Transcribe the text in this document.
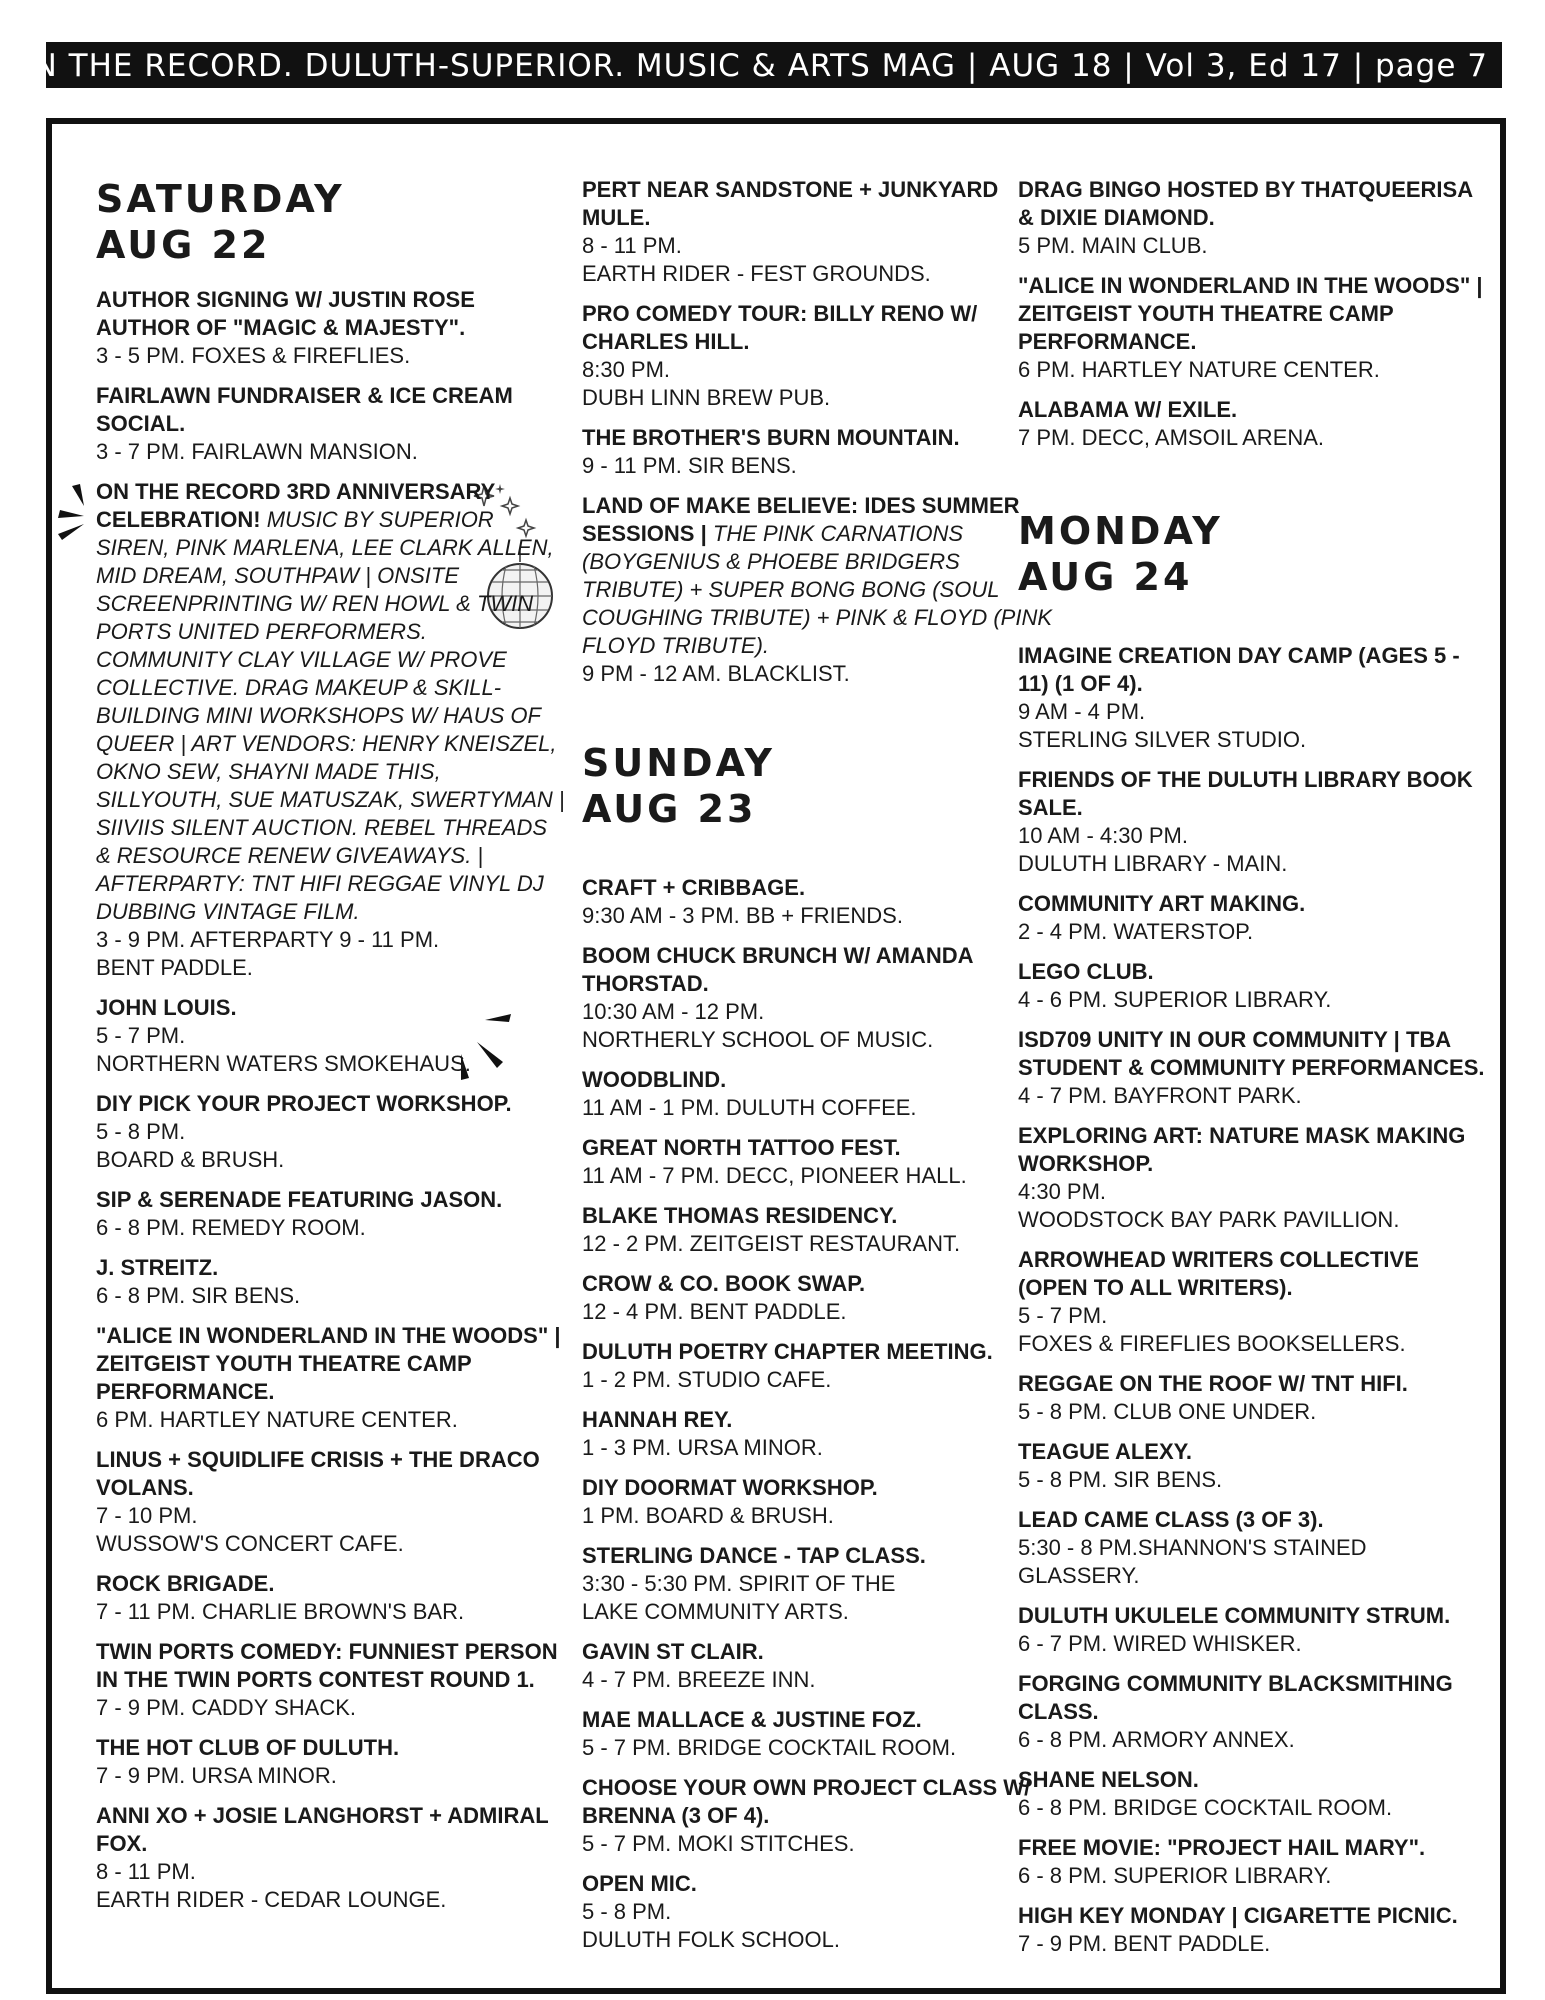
ON THE RECORD. DULUTH-SUPERIOR. MUSIC & ARTS MAG | AUG 18 | Vol 3, Ed 17 | page 7
SATURDAY
AUG 22
AUTHOR SIGNING W/ JUSTIN ROSE AUTHOR OF "MAGIC & MAJESTY".
3 - 5 PM. FOXES & FIREFLIES.
FAIRLAWN FUNDRAISER & ICE CREAM SOCIAL.
3 - 7 PM. FAIRLAWN MANSION.
ON THE RECORD 3RD ANNIVERSARY CELEBRATION! MUSIC BY SUPERIOR SIREN, PINK MARLENA, LEE CLARK ALLEN, MID DREAM, SOUTHPAW | ONSITE SCREENPRINTING W/ REN HOWL & TWIN PORTS UNITED PERFORMERS. COMMUNITY CLAY VILLAGE W/ PROVE COLLECTIVE. DRAG MAKEUP & SKILL-BUILDING MINI WORKSHOPS W/ HAUS OF QUEER | ART VENDORS: HENRY KNEISZEL, OKNO SEW, SHAYNI MADE THIS, SILLYOUTH, SUE MATUSZAK, SWERTYMAN | SIIVIIS SILENT AUCTION. REBEL THREADS & RESOURCE RENEW GIVEAWAYS. | AFTERPARTY: TNT HIFI REGGAE VINYL DJ DUBBING VINTAGE FILM.
3 - 9 PM. AFTERPARTY 9 - 11 PM.
BENT PADDLE.
JOHN LOUIS.
5 - 7 PM.
NORTHERN WATERS SMOKEHAUS.
DIY PICK YOUR PROJECT WORKSHOP.
5 - 8 PM.
BOARD & BRUSH.
SIP & SERENADE FEATURING JASON.
6 - 8 PM. REMEDY ROOM.
J. STREITZ.
6 - 8 PM. SIR BENS.
"ALICE IN WONDERLAND IN THE WOODS" | ZEITGEIST YOUTH THEATRE CAMP PERFORMANCE.
6 PM. HARTLEY NATURE CENTER.
LINUS + SQUIDLIFE CRISIS + THE DRACO VOLANS.
7 - 10 PM.
WUSSOW'S CONCERT CAFE.
ROCK BRIGADE.
7 - 11 PM. CHARLIE BROWN'S BAR.
TWIN PORTS COMEDY: FUNNIEST PERSON IN THE TWIN PORTS CONTEST ROUND 1.
7 - 9 PM. CADDY SHACK.
THE HOT CLUB OF DULUTH.
7 - 9 PM. URSA MINOR.
ANNI XO + JOSIE LANGHORST + ADMIRAL FOX.
8 - 11 PM.
EARTH RIDER - CEDAR LOUNGE.
PERT NEAR SANDSTONE + JUNKYARD MULE.
8 - 11 PM.
EARTH RIDER - FEST GROUNDS.
PRO COMEDY TOUR: BILLY RENO W/ CHARLES HILL.
8:30 PM.
DUBH LINN BREW PUB.
THE BROTHER'S BURN MOUNTAIN.
9 - 11 PM. SIR BENS.
LAND OF MAKE BELIEVE: IDES SUMMER SESSIONS | THE PINK CARNATIONS (BOYGENIUS & PHOEBE BRIDGERS TRIBUTE) + SUPER BONG BONG (SOUL COUGHING TRIBUTE) + PINK & FLOYD (PINK FLOYD TRIBUTE).
9 PM - 12 AM. BLACKLIST.
SUNDAY
AUG 23
CRAFT + CRIBBAGE.
9:30 AM - 3 PM. BB + FRIENDS.
BOOM CHUCK BRUNCH W/ AMANDA THORSTAD.
10:30 AM - 12 PM.
NORTHERLY SCHOOL OF MUSIC.
WOODBLIND.
11 AM - 1 PM. DULUTH COFFEE.
GREAT NORTH TATTOO FEST.
11 AM - 7 PM. DECC, PIONEER HALL.
BLAKE THOMAS RESIDENCY.
12 - 2 PM. ZEITGEIST RESTAURANT.
CROW & CO. BOOK SWAP.
12 - 4 PM. BENT PADDLE.
DULUTH POETRY CHAPTER MEETING.
1 - 2 PM. STUDIO CAFE.
HANNAH REY.
1 - 3 PM. URSA MINOR.
DIY DOORMAT WORKSHOP.
1 PM. BOARD & BRUSH.
STERLING DANCE - TAP CLASS.
3:30 - 5:30 PM. SPIRIT OF THE
LAKE COMMUNITY ARTS.
GAVIN ST CLAIR.
4 - 7 PM. BREEZE INN.
MAE MALLACE & JUSTINE FOZ.
5 - 7 PM. BRIDGE COCKTAIL ROOM.
CHOOSE YOUR OWN PROJECT CLASS W/ BRENNA (3 OF 4).
5 - 7 PM. MOKI STITCHES.
OPEN MIC.
5 - 8 PM.
DULUTH FOLK SCHOOL.
DRAG BINGO HOSTED BY THATQUEERISA & DIXIE DIAMOND.
5 PM. MAIN CLUB.
"ALICE IN WONDERLAND IN THE WOODS" | ZEITGEIST YOUTH THEATRE CAMP PERFORMANCE.
6 PM. HARTLEY NATURE CENTER.
ALABAMA W/ EXILE.
7 PM. DECC, AMSOIL ARENA.
MONDAY
AUG 24
IMAGINE CREATION DAY CAMP (AGES 5 - 11) (1 OF 4).
9 AM - 4 PM.
STERLING SILVER STUDIO.
FRIENDS OF THE DULUTH LIBRARY BOOK SALE.
10 AM - 4:30 PM.
DULUTH LIBRARY - MAIN.
COMMUNITY ART MAKING.
2 - 4 PM. WATERSTOP.
LEGO CLUB.
4 - 6 PM. SUPERIOR LIBRARY.
ISD709 UNITY IN OUR COMMUNITY | TBA STUDENT & COMMUNITY PERFORMANCES.
4 - 7 PM. BAYFRONT PARK.
EXPLORING ART: NATURE MASK MAKING WORKSHOP.
4:30 PM.
WOODSTOCK BAY PARK PAVILLION.
ARROWHEAD WRITERS COLLECTIVE (OPEN TO ALL WRITERS).
5 - 7 PM.
FOXES & FIREFLIES BOOKSELLERS.
REGGAE ON THE ROOF W/ TNT HIFI.
5 - 8 PM. CLUB ONE UNDER.
TEAGUE ALEXY.
5 - 8 PM. SIR BENS.
LEAD CAME CLASS (3 OF 3).
5:30 - 8 PM.SHANNON'S STAINED
GLASSERY.
DULUTH UKULELE COMMUNITY STRUM.
6 - 7 PM. WIRED WHISKER.
FORGING COMMUNITY BLACKSMITHING CLASS.
6 - 8 PM. ARMORY ANNEX.
SHANE NELSON.
6 - 8 PM. BRIDGE COCKTAIL ROOM.
FREE MOVIE: "PROJECT HAIL MARY".
6 - 8 PM. SUPERIOR LIBRARY.
HIGH KEY MONDAY | CIGARETTE PICNIC.
7 - 9 PM. BENT PADDLE.
